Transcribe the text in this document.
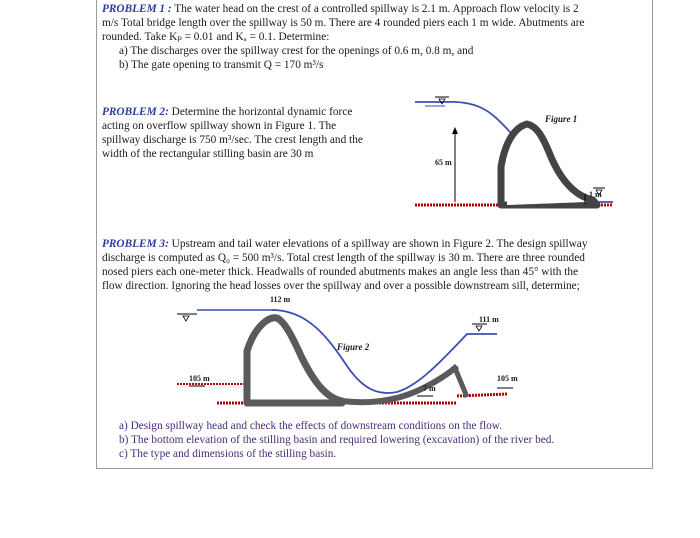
PROBLEM 1 : The water head on the crest of a controlled spillway is 2.1 m. Approach flow velocity is 2
m/s Total bridge length over the spillway is 50 m. There are 4 rounded piers each 1 m wide. Abutments are
rounded. Take Kₚ = 0.01 and Kₐ = 0.1. Determine:
a) The discharges over the spillway crest for the openings of 0.6 m, 0.8 m, and
b) The gate opening to transmit Q = 170 m³/s
PROBLEM 2: Determine the horizontal dynamic force
acting on overflow spillway shown in Figure 1. The
spillway discharge is 750 m³/sec. The crest length and the
width of the rectangular stilling basin are 30 m
Figure 1
65 m
1 m
PROBLEM 3: Upstream and tail water elevations of a spillway are shown in Figure 2. The design spillway
discharge is computed as Q₀ = 500 m³/s. Total crest length of the spillway is 30 m. There are three rounded
nosed piers each one-meter thick. Headwalls of rounded abutments makes an angle less than 45° with the
flow direction. Ignoring the head losses over the spillway and over a possible downstream sill, determine;
112 m
111 m
Figure 2
105 m	105 m
7 m
a) Design spillway head and check the effects of downstream conditions on the flow.
b) The bottom elevation of the stilling basin and required lowering (excavation) of the river bed.
c) The type and dimensions of the stilling basin.
